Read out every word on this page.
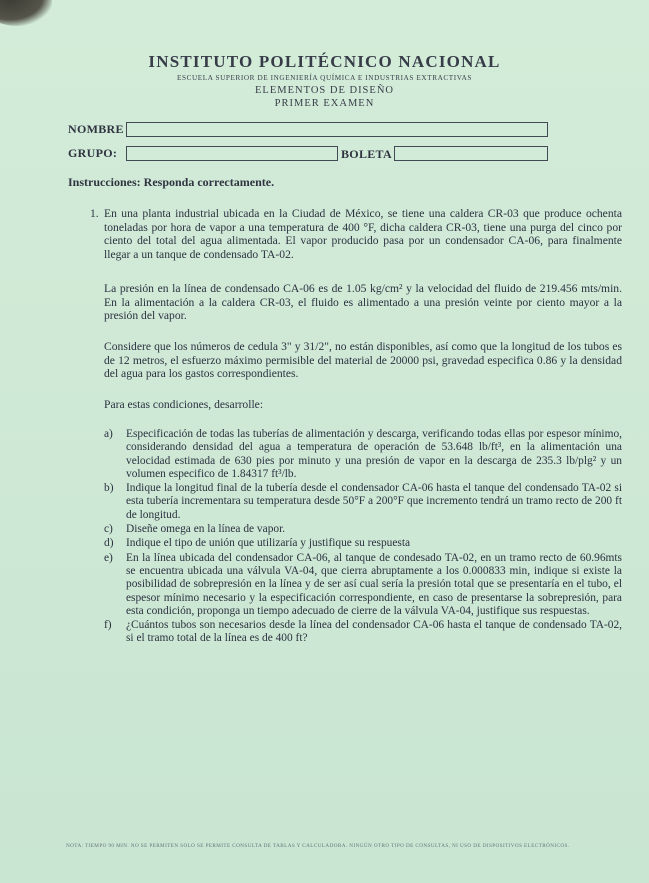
INSTITUTO POLITÉCNICO NACIONAL
ESCUELA SUPERIOR DE INGENIERÍA QUÍMICA E INDUSTRIAS EXTRACTIVAS
ELEMENTOS DE DISEÑO
PRIMER EXAMEN
NOMBRE
GRUPO:	BOLETA
Instrucciones: Responda correctamente.
1. En una planta industrial ubicada en la Ciudad de México, se tiene una caldera CR-03 que produce ochenta toneladas por hora de vapor a una temperatura de 400 °F, dicha caldera CR-03, tiene una purga del cinco por ciento del total del agua alimentada. El vapor producido pasa por un condensador CA-06, para finalmente llegar a un tanque de condensado TA-02.
La presión en la línea de condensado CA-06 es de 1.05 kg/cm² y la velocidad del fluido de 219.456 mts/min. En la alimentación a la caldera CR-03, el fluido es alimentado a una presión veinte por ciento mayor a la presión del vapor.
Considere que los números de cedula 3" y 31/2", no están disponibles, así como que la longitud de los tubos es de 12 metros, el esfuerzo máximo permisible del material de 20000 psi, gravedad especifica 0.86 y la densidad del agua para los gastos correspondientes.
Para estas condiciones, desarrolle:
a) Especificación de todas las tuberías de alimentación y descarga, verificando todas ellas por espesor mínimo, considerando densidad del agua a temperatura de operación de 53.648 lb/ft³, en la alimentación una velocidad estimada de 630 pies por minuto y una presión de vapor en la descarga de 235.3 lb/plg² y un volumen especifico de 1.84317 ft³/lb.
b) Indique la longitud final de la tubería desde el condensador CA-06 hasta el tanque del condensado TA-02 si esta tubería incrementara su temperatura desde 50°F a 200°F que incremento tendrá un tramo recto de 200 ft de longitud.
c) Diseñe omega en la línea de vapor.
d) Indique el tipo de unión que utilizaría y justifique su respuesta
e) En la línea ubicada del condensador CA-06, al tanque de condesado TA-02, en un tramo recto de 60.96mts se encuentra ubicada una válvula VA-04, que cierra abruptamente a los 0.000833 min, indique si existe la posibilidad de sobrepresión en la línea y de ser así cual sería la presión total que se presentaría en el tubo, el espesor mínimo necesario y la especificación correspondiente, en caso de presentarse la sobrepresión, para esta condición, proponga un tiempo adecuado de cierre de la válvula VA-04, justifique sus respuestas.
f) ¿Cuántos tubos son necesarios desde la línea del condensador CA-06 hasta el tanque de condensado TA-02, si el tramo total de la línea es de 400 ft?
NOTA: TIEMPO 90 MIN. NO SE PERMITEN SOLO SE PERMITE CONSULTA DE TABLAS Y CALCULADORA. NINGÚN OTRO TIPO DE CONSULTAS, NI USO DE DISPOSITIVOS ELECTRÓNICOS.
